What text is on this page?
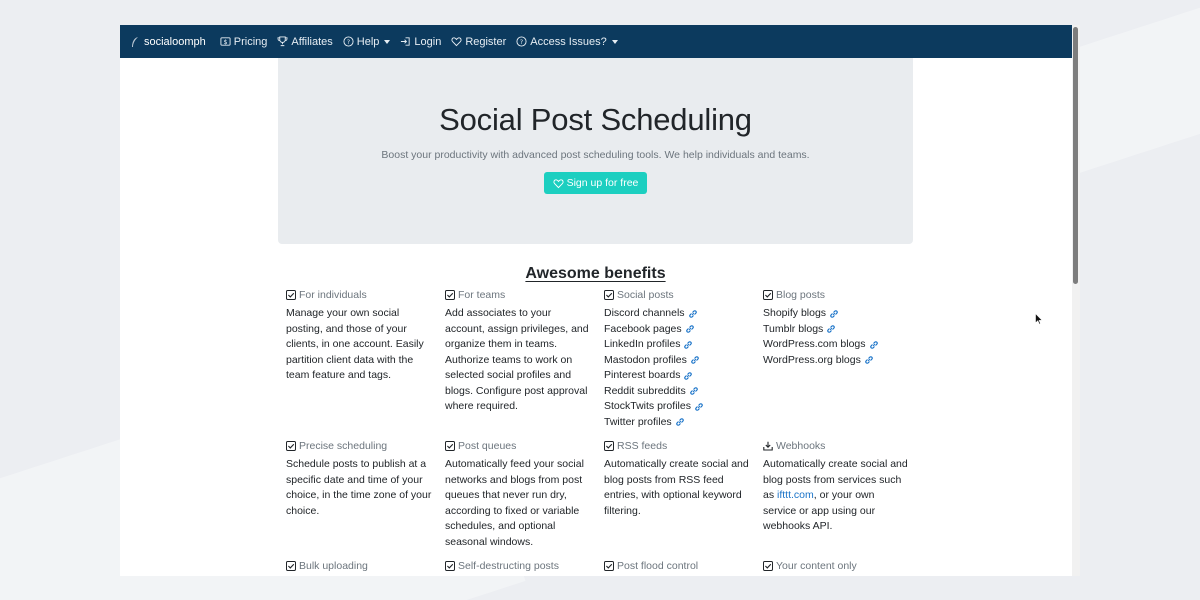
socialoomph $ Pricing Affiliates ? Help	Login Register ? Access Issues?
Social Post Scheduling

Boost your productivity with advanced post scheduling tools. We help individuals and teams.

Sign up for free
Awesome benefits
For individuals
Manage your own social posting, and those of your clients, in one account. Easily partition client data with the team feature and tags.
For teams
Add associates to your account, assign privileges, and organize them in teams. Authorize teams to work on selected social profiles and blogs. Configure post approval where required.
Social posts
Discord channels
Facebook pages
LinkedIn profiles
Mastodon profiles
Pinterest boards
Reddit subreddits
StockTwits profiles
Twitter profiles
Blog posts
Shopify blogs
Tumblr blogs
WordPress.com blogs
WordPress.org blogs
Precise scheduling
Schedule posts to publish at a specific date and time of your choice, in the time zone of your choice.
Post queues
Automatically feed your social networks and blogs from post queues that never run dry, according to fixed or variable schedules, and optional seasonal windows.
RSS feeds
Automatically create social and blog posts from RSS feed entries, with optional keyword filtering.
Webhooks
Automatically create social and blog posts from services such as ifttt.com, or your own service or app using our webhooks API.
Bulk uploading	Self-destructing posts	Post flood control	Your content only
